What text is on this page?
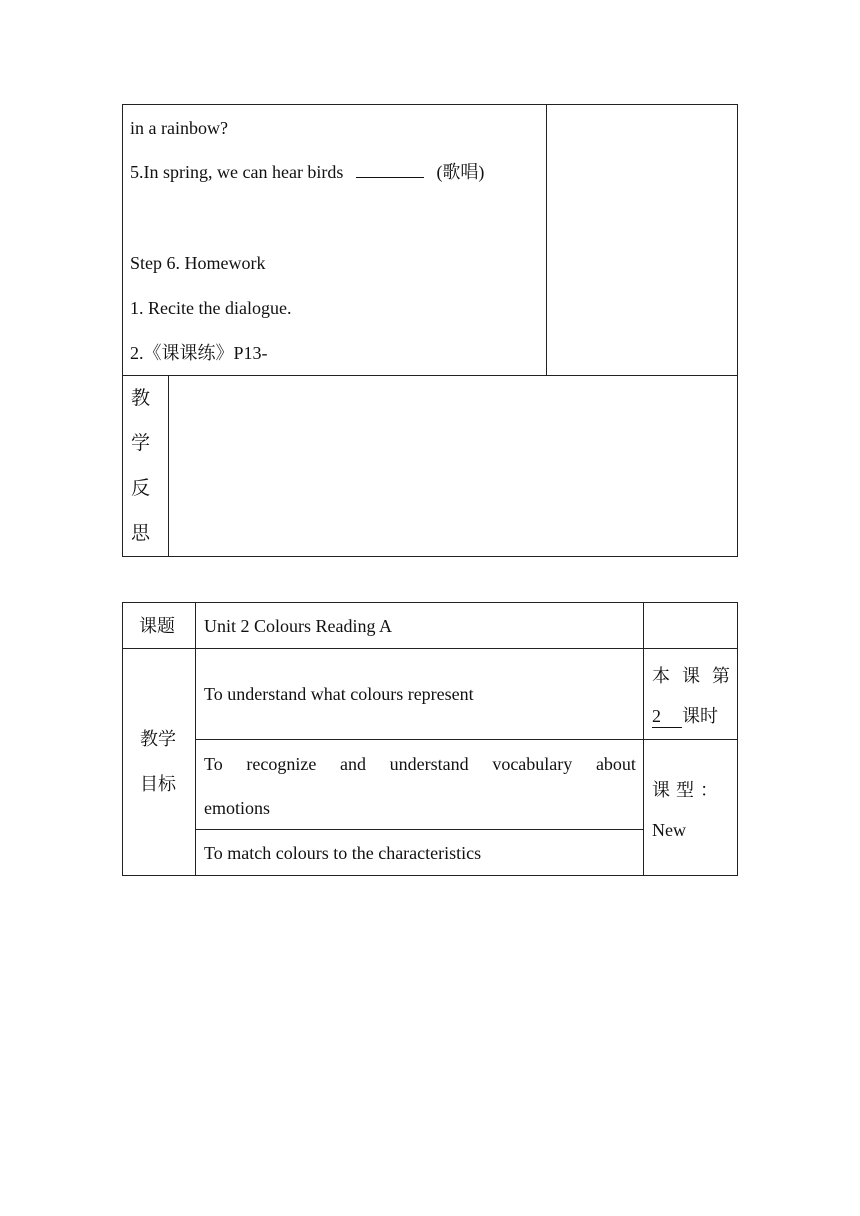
in a rainbow?
5.In spring, we can hear birds	(歌唱)
Step 6. Homework
1. Recite the dialogue.
2.《课课练》P13-
教
学
反
思
课题 Unit 2 Colours Reading A
教学
目标
To understand what colours represent
To recognize and understand vocabulary about
emotions
To match colours to the characteristics
本 课 第
2 课时
课 型 ：
New
